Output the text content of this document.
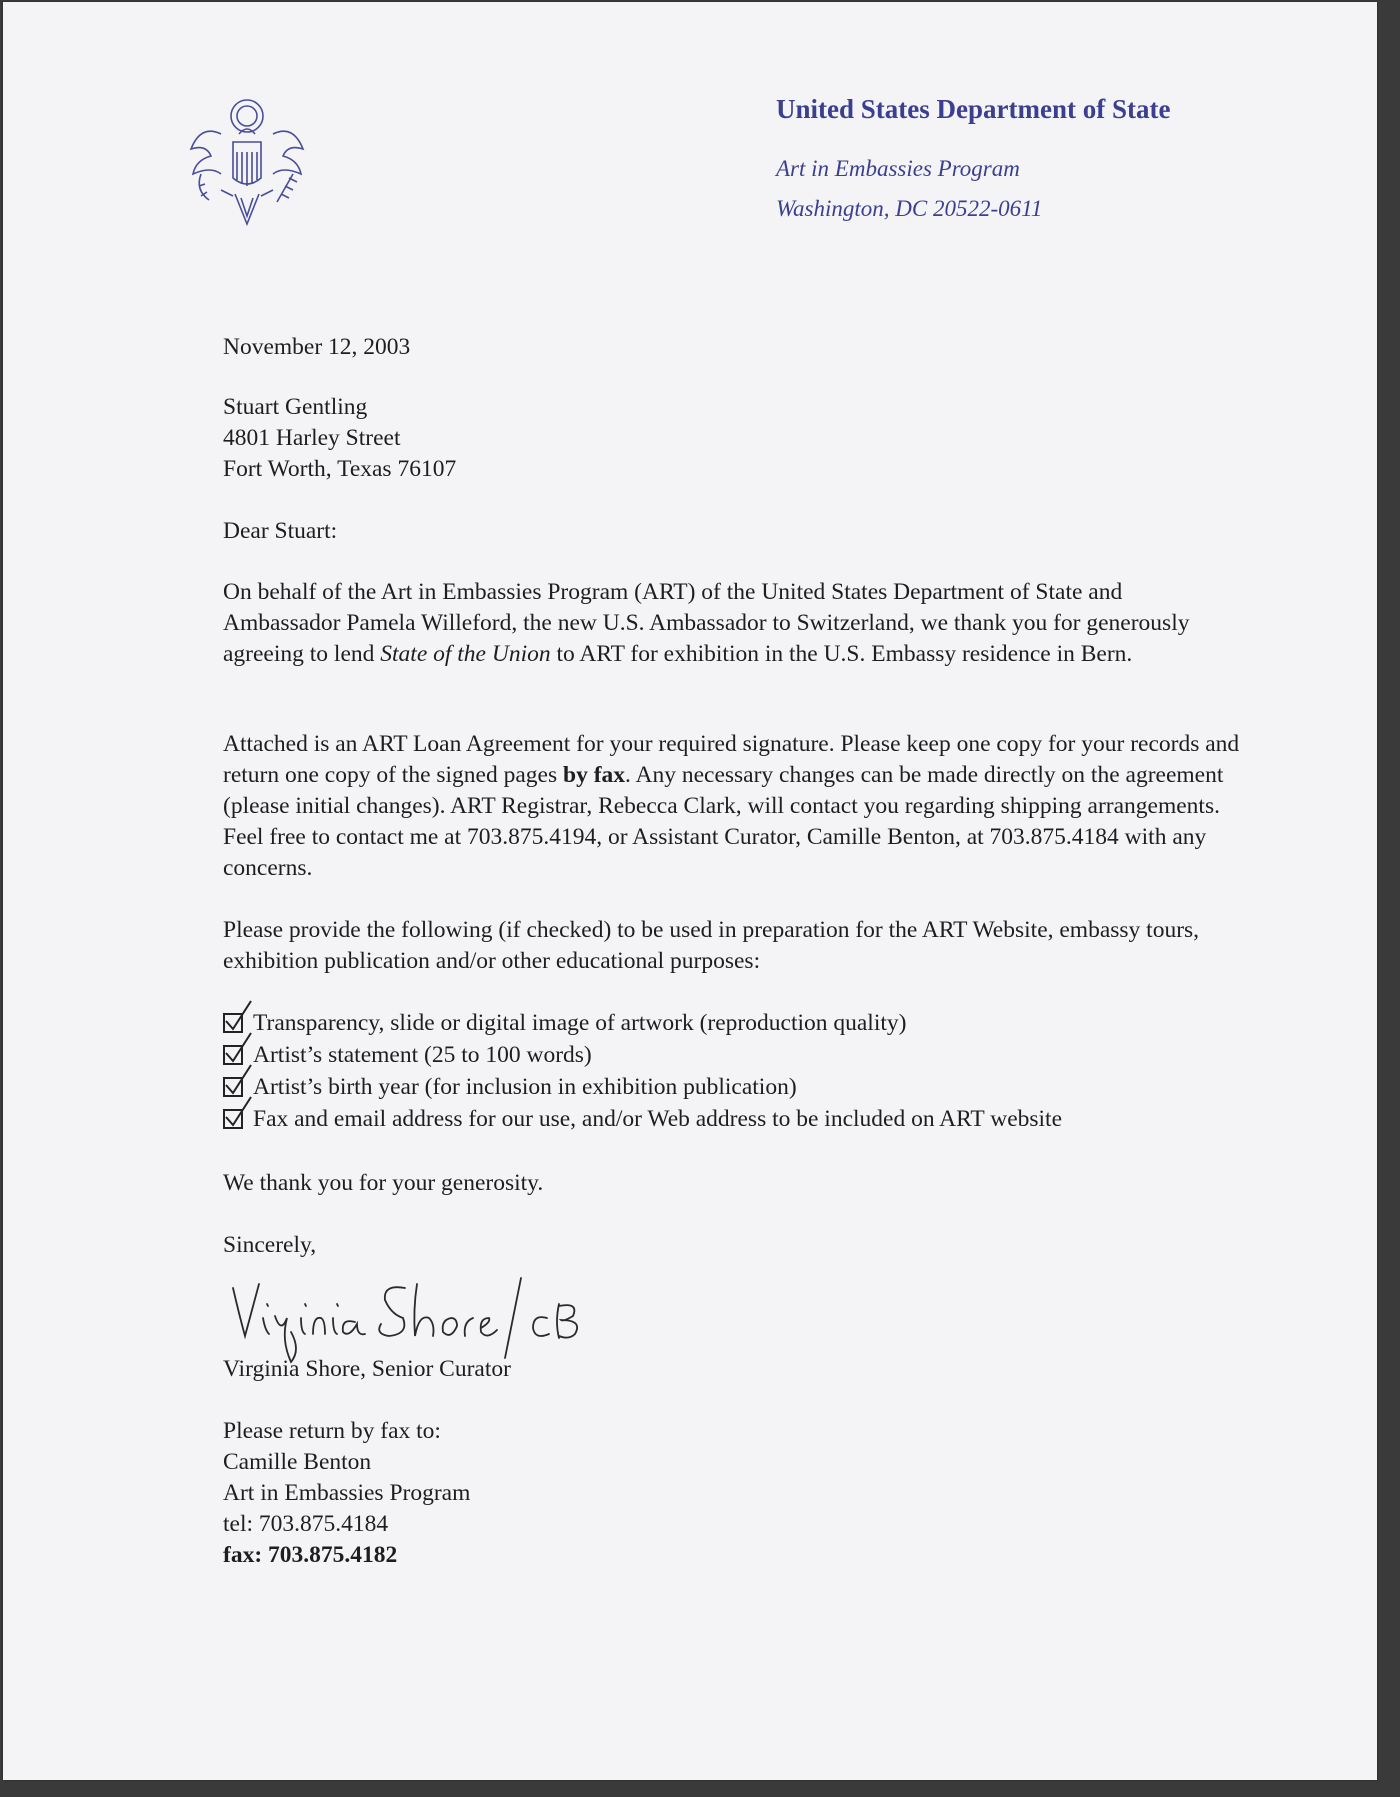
United States Department of State

Art in Embassies Program

Washington, DC 20522-0611

November 12, 2003

Stuart Gentling

4801 Harley Street

Fort Worth, Texas 76107

Dear Stuart:

On behalf of the Art in Embassies Program (ART) of the United States Department of State and Ambassador Pamela Willeford, the new U.S. Ambassador to Switzerland, we thank you for generously agreeing to lend State of the Union to ART for exhibition in the U.S. Embassy residence in Bern.

Attached is an ART Loan Agreement for your required signature. Please keep one copy for your records and return one copy of the signed pages by fax. Any necessary changes can be made directly on the agreement (please initial changes). ART Registrar, Rebecca Clark, will contact you regarding shipping arrangements. Feel free to contact me at 703.875.4194, or Assistant Curator, Camille Benton, at 703.875.4184 with any concerns.

Please provide the following (if checked) to be used in preparation for the ART Website, embassy tours, exhibition publication and/or other educational purposes:

Transparency, slide or digital image of artwork (reproduction quality)
Artist’s statement (25 to 100 words)
Artist’s birth year (for inclusion in exhibition publication)
Fax and email address for our use, and/or Web address to be included on ART website

We thank you for your generosity.

Sincerely,

Virginia Shore, Senior Curator

Please return by fax to:

Camille Benton

Art in Embassies Program

tel: 703.875.4184

fax: 703.875.4182
